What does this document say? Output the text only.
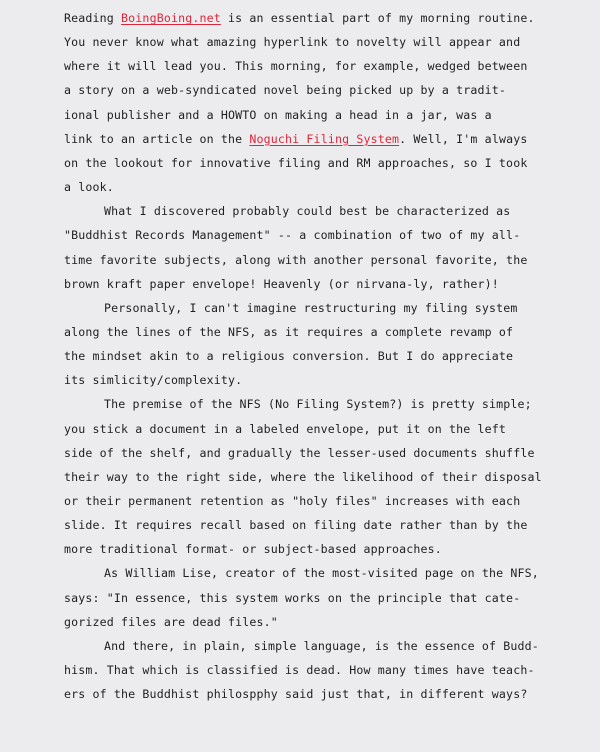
Reading BoingBoing.net is an essential part of my morning routine.
You never know what amazing hyperlink to novelty will appear and
where it will lead you. This morning, for example, wedged between
a story on a web-syndicated novel being picked up by a tradit-
ional publisher and a HOWTO on making a head in a jar, was a
link to an article on the Noguchi Filing System. Well, I'm always
on the lookout for innovative filing and RM approaches, so I took
a look.
What I discovered probably could best be characterized as
"Buddhist Records Management" -- a combination of two of my all-
time favorite subjects, along with another personal favorite, the
brown kraft paper envelope! Heavenly (or nirvana-ly, rather)!
Personally, I can't imagine restructuring my filing system
along the lines of the NFS, as it requires a complete revamp of
the mindset akin to a religious conversion. But I do appreciate
its simlicity/complexity.
The premise of the NFS (No Filing System?) is pretty simple;
you stick a document in a labeled envelope, put it on the left
side of the shelf, and gradually the lesser-used documents shuffle
their way to the right side, where the likelihood of their disposal
or their permanent retention as "holy files" increases with each
slide. It requires recall based on filing date rather than by the
more traditional format- or subject-based approaches.
As William Lise, creator of the most-visited page on the NFS,
says: "In essence, this system works on the principle that cate-
gorized files are dead files."
And there, in plain, simple language, is the essence of Budd-
hism. That which is classified is dead. How many times have teach-
ers of the Buddhist philospphy said just that, in different ways?
